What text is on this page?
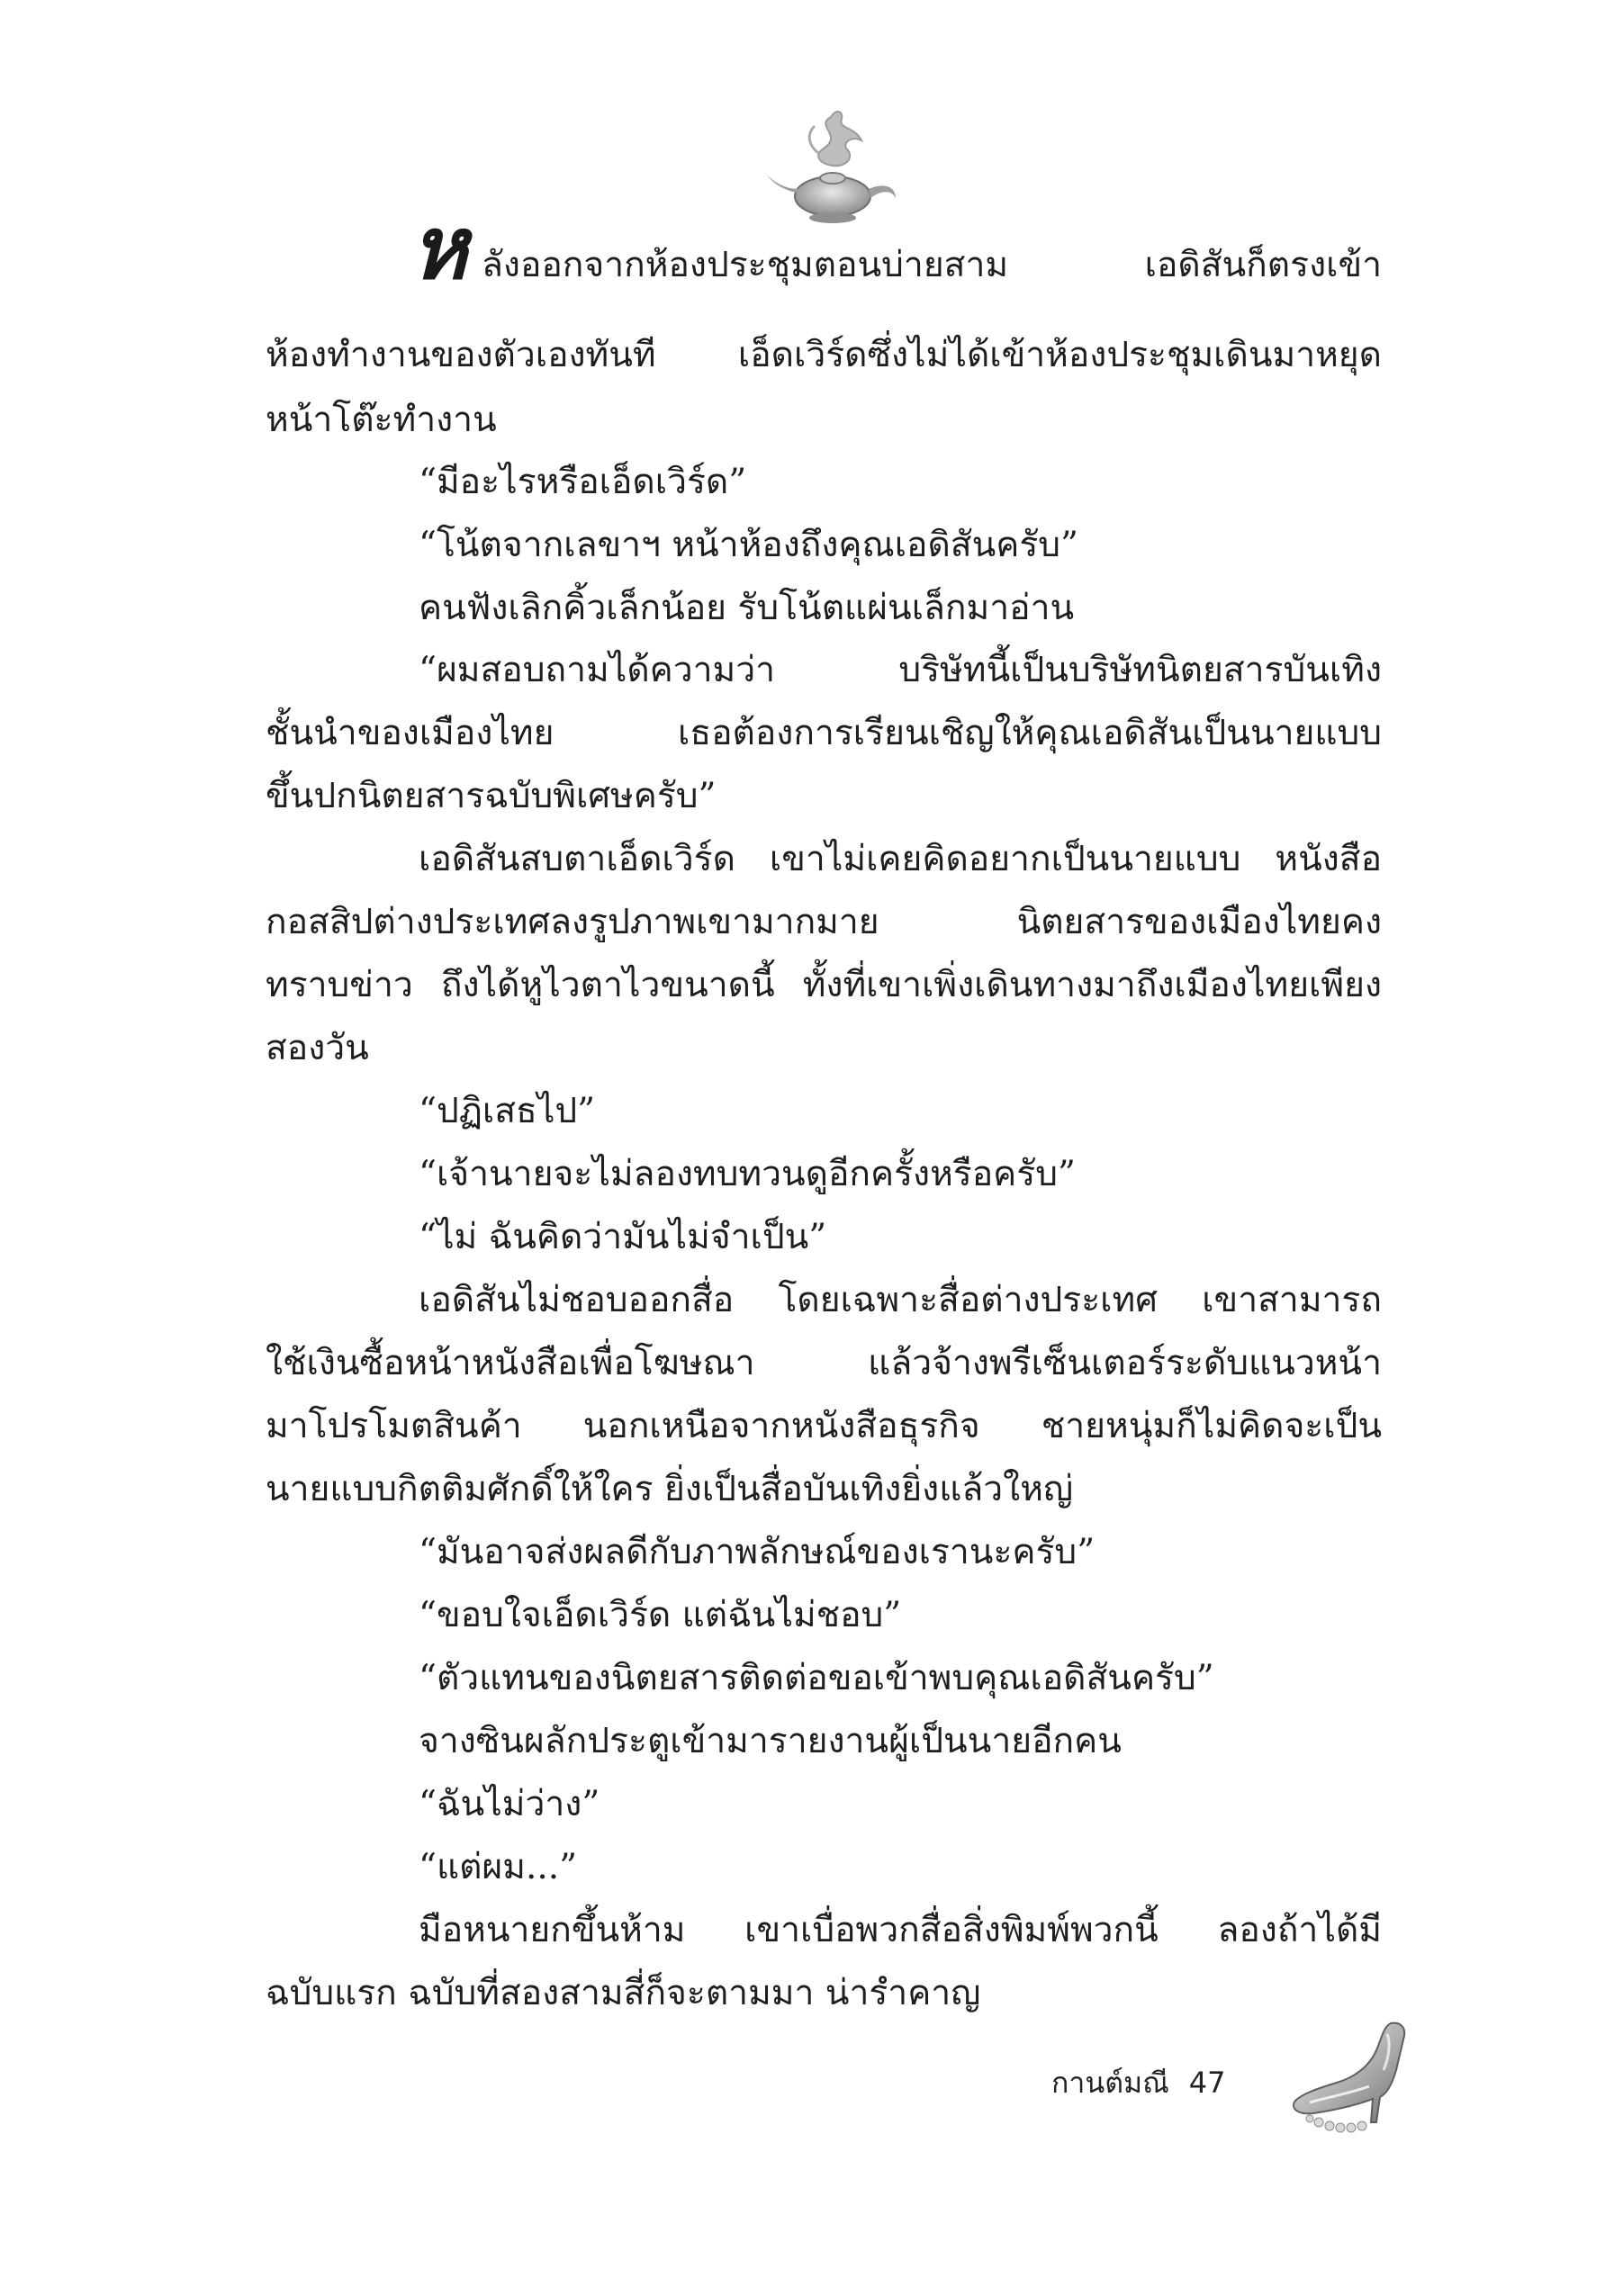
ห ลังออกจากห้องประชุมตอนบ่ายสาม เอดิสันก็ตรงเข้า
ห้องทำงานของตัวเองทันที เอ็ดเวิร์ดซึ่งไม่ได้เข้าห้องประชุมเดินมาหยุด
หน้าโต๊ะทำงาน
“มีอะไรหรือเอ็ดเวิร์ด”
“โน้ตจากเลขาฯ หน้าห้องถึงคุณเอดิสันครับ”
คนฟังเลิกคิ้วเล็กน้อย รับโน้ตแผ่นเล็กมาอ่าน
“ผมสอบถามได้ความว่า บริษัทนี้เป็นบริษัทนิตยสารบันเทิง
ชั้นนำของเมืองไทย เธอต้องการเรียนเชิญให้คุณเอดิสันเป็นนายแบบ
ขึ้นปกนิตยสารฉบับพิเศษครับ”
เอดิสันสบตาเอ็ดเวิร์ด เขาไม่เคยคิดอยากเป็นนายแบบ หนังสือ
กอสสิปต่างประเทศลงรูปภาพเขามากมาย นิตยสารของเมืองไทยคง
ทราบข่าว ถึงได้หูไวตาไวขนาดนี้ ทั้งที่เขาเพิ่งเดินทางมาถึงเมืองไทยเพียง
สองวัน
“ปฏิเสธไป”
“เจ้านายจะไม่ลองทบทวนดูอีกครั้งหรือครับ”
“ไม่ ฉันคิดว่ามันไม่จำเป็น”
เอดิสันไม่ชอบออกสื่อ โดยเฉพาะสื่อต่างประเทศ เขาสามารถ
ใช้เงินซื้อหน้าหนังสือเพื่อโฆษณา แล้วจ้างพรีเซ็นเตอร์ระดับแนวหน้า
มาโปรโมตสินค้า นอกเหนือจากหนังสือธุรกิจ ชายหนุ่มก็ไม่คิดจะเป็น
นายแบบกิตติมศักดิ์ให้ใคร ยิ่งเป็นสื่อบันเทิงยิ่งแล้วใหญ่
“มันอาจส่งผลดีกับภาพลักษณ์ของเรานะครับ”
“ขอบใจเอ็ดเวิร์ด แต่ฉันไม่ชอบ”
“ตัวแทนของนิตยสารติดต่อขอเข้าพบคุณเอดิสันครับ”
จางซินผลักประตูเข้ามารายงานผู้เป็นนายอีกคน
“ฉันไม่ว่าง”
“แต่ผม...”
มือหนายกขึ้นห้าม เขาเบื่อพวกสื่อสิ่งพิมพ์พวกนี้ ลองถ้าได้มี
ฉบับแรก ฉบับที่สองสามสี่ก็จะตามมา น่ารำคาญ
กานต์มณี 47
